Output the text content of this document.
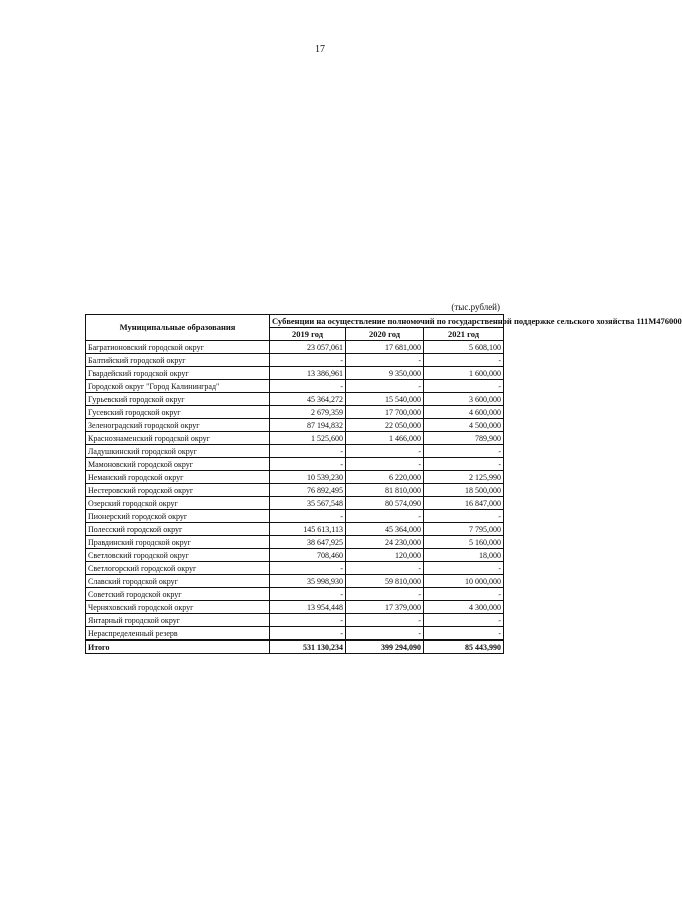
17
(тыс.рублей)
Муниципальные образования	Субвенции на осуществление полномочий по государственной поддержке сельского хозяйства 111М476000		
	2019 год	2020 год	2021 год
Багратионовский городской округ	23 057,061	17 681,000	5 608,100
Балтийский городской округ	-	-	-
Гвардейский городской округ	13 386,961	9 350,000	1 600,000
Городской округ "Город Калининград"	-	-	-
Гурьевский городской округ	45 364,272	15 540,000	3 600,000
Гусевский городской округ	2 679,359	17 700,000	4 600,000
Зеленоградский городской округ	87 194,832	22 050,000	4 500,000
Краснознаменский городской округ	1 525,600	1 466,000	789,900
Ладушкинский городской округ	-	-	-
Мамоновский городской округ	-	-	-
Неманский городской округ	10 539,230	6 220,000	2 125,990
Нестеровский городской округ	76 892,495	81 810,000	18 500,000
Озерский городской округ	35 567,548	80 574,090	16 847,000
Пионерский городской округ	-	-	-
Полесский городской округ	145 613,113	45 364,000	7 795,000
Правдинский городской округ	38 647,925	24 230,000	5 160,000
Светловский городской округ	708,460	120,000	18,000
Светлогорский городской округ	-	-	-
Славский городской округ	35 998,930	59 810,000	10 000,000
Советский городской округ	-	-	-
Черняховский городской округ	13 954,448	17 379,000	4 300,000
Янтарный городской округ	-	-	-
Нераспределенный резерв	-	-	-
Итого	531 130,234	399 294,090	85 443,990
